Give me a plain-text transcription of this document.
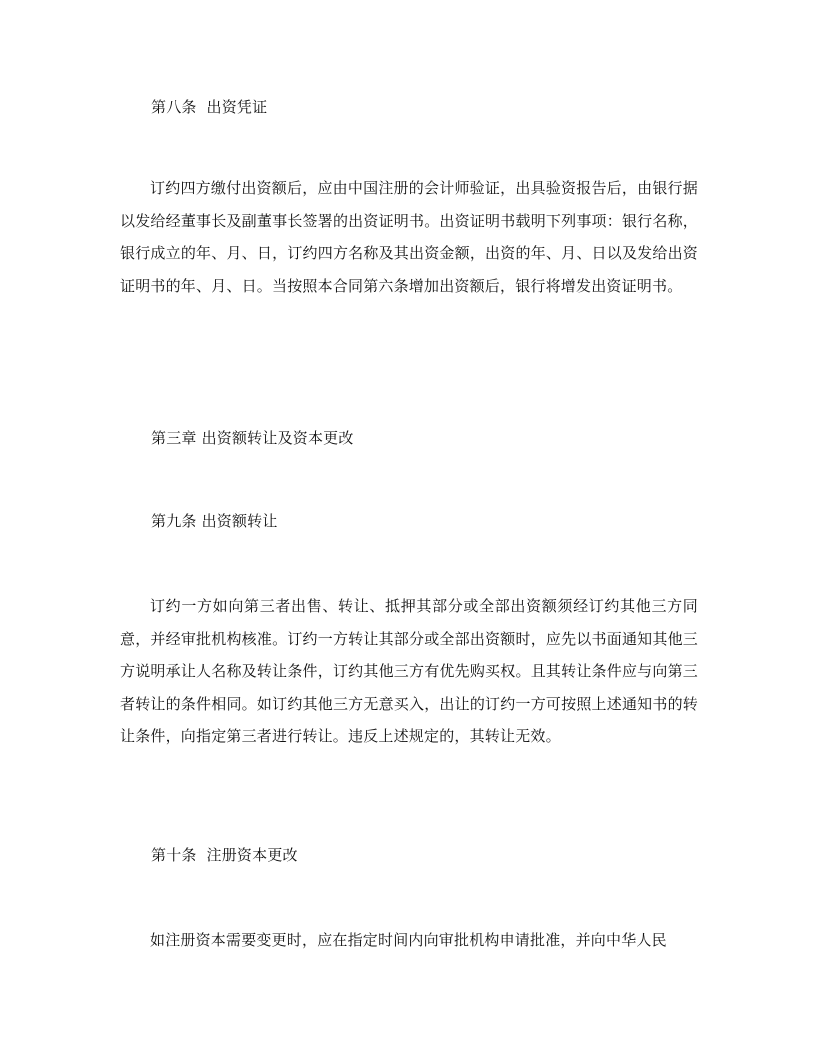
第八条  出资凭证
订约四方缴付出资额后，应由中国注册的会计师验证，出具验资报告后，由银行据以发给经董事长及副董事长签署的出资证明书。出资证明书载明下列事项：银行名称，银行成立的年、月、日，订约四方名称及其出资金额，出资的年、月、日以及发给出资证明书的年、月、日。当按照本合同第六条增加出资额后，银行将增发出资证明书。
第三章 出资额转让及资本更改
第九条 出资额转让
订约一方如向第三者出售、转让、抵押其部分或全部出资额须经订约其他三方同意，并经审批机构核准。订约一方转让其部分或全部出资额时，应先以书面通知其他三方说明承让人名称及转让条件，订约其他三方有优先购买权。且其转让条件应与向第三者转让的条件相同。如订约其他三方无意买入，出让的订约一方可按照上述通知书的转让条件，向指定第三者进行转让。违反上述规定的，其转让无效。
第十条  注册资本更改
如注册资本需要变更时，应在指定时间内向审批机构申请批准，并向中华人民
